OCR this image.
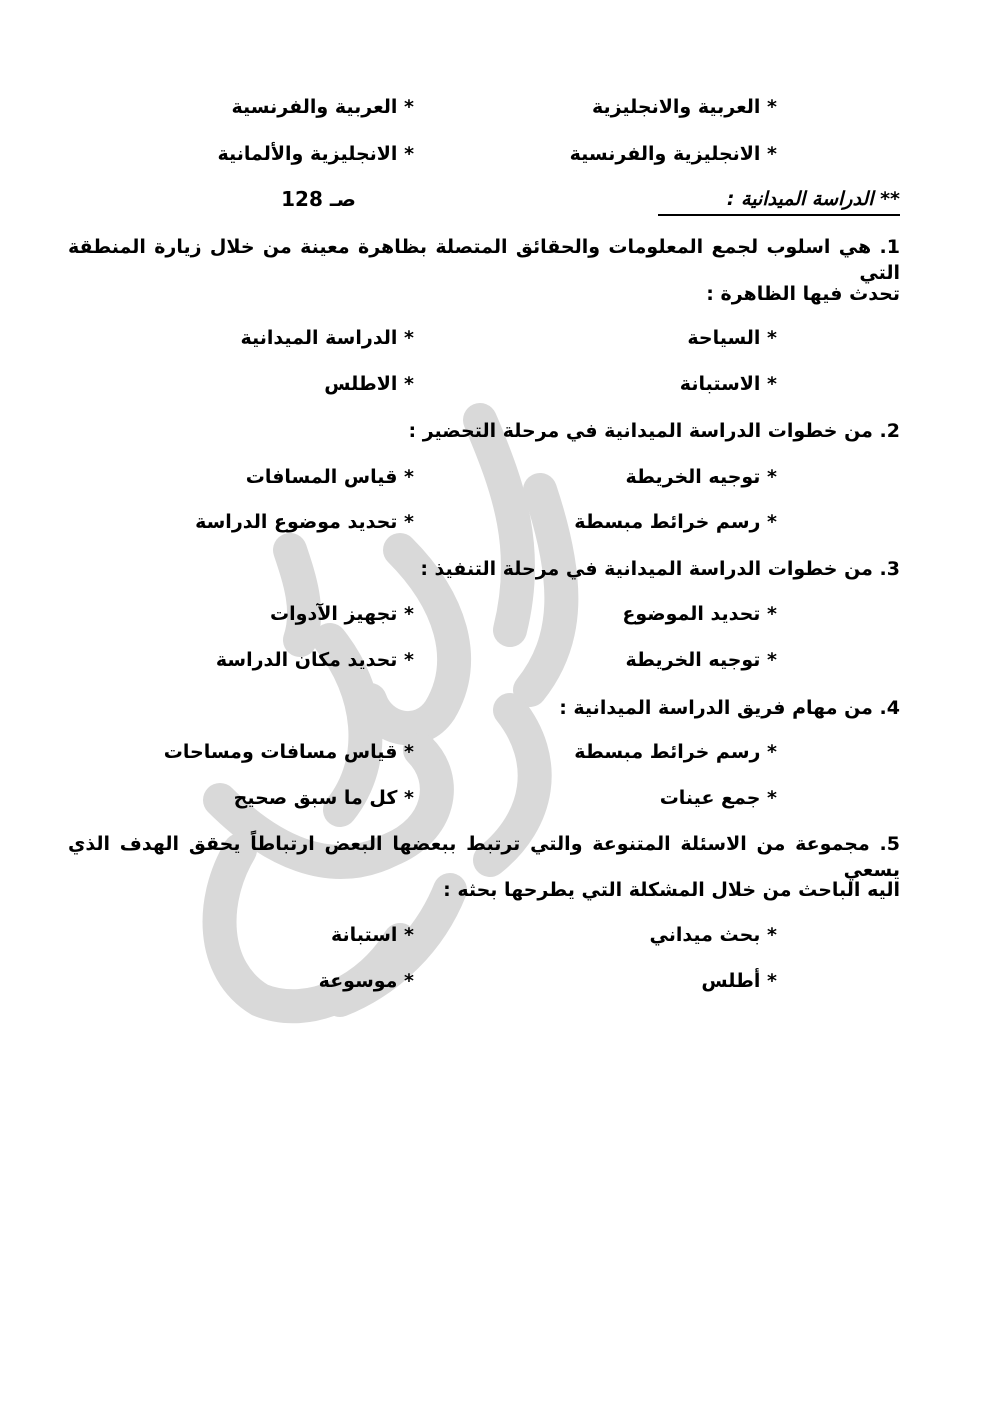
* العربية والانجليزية
* العربية والفرنسية
* الانجليزية والفرنسية
* الانجليزية والألمانية
** الدراسة الميدانية :
صـ 128
1. هي اسلوب لجمع المعلومات والحقائق المتصلة بظاهرة معينة من خلال زيارة المنطقة التي
تحدث فيها الظاهرة :
* السياحة
* الدراسة الميدانية
* الاستبانة
* الاطلس
2. من خطوات الدراسة الميدانية في مرحلة التحضير :
* توجيه الخريطة
* قياس المسافات
* رسم خرائط مبسطة
* تحديد موضوع الدراسة
3. من خطوات الدراسة الميدانية في مرحلة التنفيذ :
* تحديد الموضوع
* تجهيز الآدوات
* توجيه الخريطة
* تحديد مكان الدراسة
4. من مهام فريق الدراسة الميدانية :
* رسم خرائط مبسطة
* قياس مسافات ومساحات
* جمع عينات
* كل ما سبق صحيح
5. مجموعة من الاسئلة المتنوعة والتي ترتبط ببعضها البعض ارتباطاً يحقق الهدف الذي يسعي
اليه الباحث من خلال المشكلة التي يطرحها بحثه :
* بحث ميداني
* استبانة
* أطلس
* موسوعة
